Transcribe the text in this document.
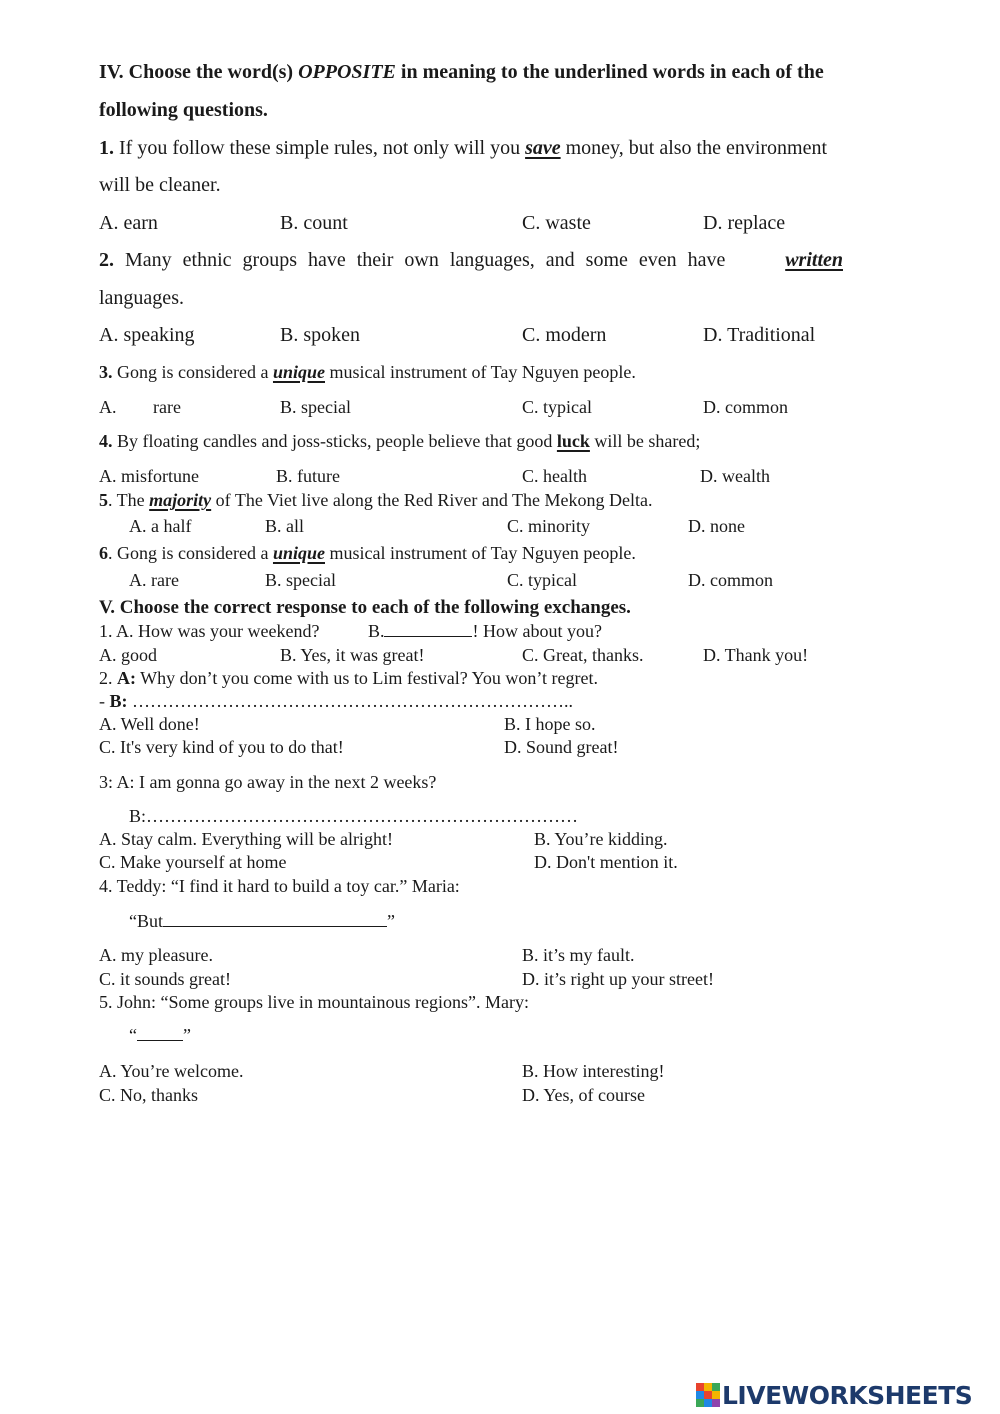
IV. Choose the word(s) OPPOSITE in meaning to the underlined words in each of the
following questions.
1. If you follow these simple rules, not only will you save money, but also the environment
will be cleaner.
A. earn	B. count	C. waste	D. replace
2. Many ethnic groups have their own languages, and some even have	written
languages.
A. speaking	B. spoken	C. modern	D. Traditional
3. Gong is considered a unique musical instrument of Tay Nguyen people.
A. rare	B. special	C. typical	D. common
4. By floating candles and joss-sticks, people believe that good luck will be shared;
A. misfortune	B. future	C. health	D. wealth
5. The majority of The Viet live along the Red River and The Mekong Delta.
A. a half	B. all	C. minority	D. none
6. Gong is considered a unique musical instrument of Tay Nguyen people.
A. rare	B. special	C. typical	D. common
V. Choose the correct response to each of the following exchanges.
1. A. How was your weekend?	B.	! How about you?
A. good	B. Yes, it was great!	C. Great, thanks.	D. Thank you!
2. A: Why don’t you come with us to Lim festival? You won’t regret.
- B: ………………………………………………………………..
A. Well done!	B. I hope so.
C. It's very kind of you to do that!	D. Sound great!
3: A: I am gonna go away in the next 2 weeks?
B:………………………………………………………………
A. Stay calm. Everything will be alright!	B. You’re kidding.
C. Make yourself at home	D. Don't mention it.
4. Teddy: “I find it hard to build a toy car.” Maria:
“But	”
A. my pleasure.	B. it’s my fault.
C. it sounds great!	D. it’s right up your street!
5. John: “Some groups live in mountainous regions”. Mary:
“	”
A. You’re welcome.	B. How interesting!
C. No, thanks	D. Yes, of course
LIVEWORKSHEETS
